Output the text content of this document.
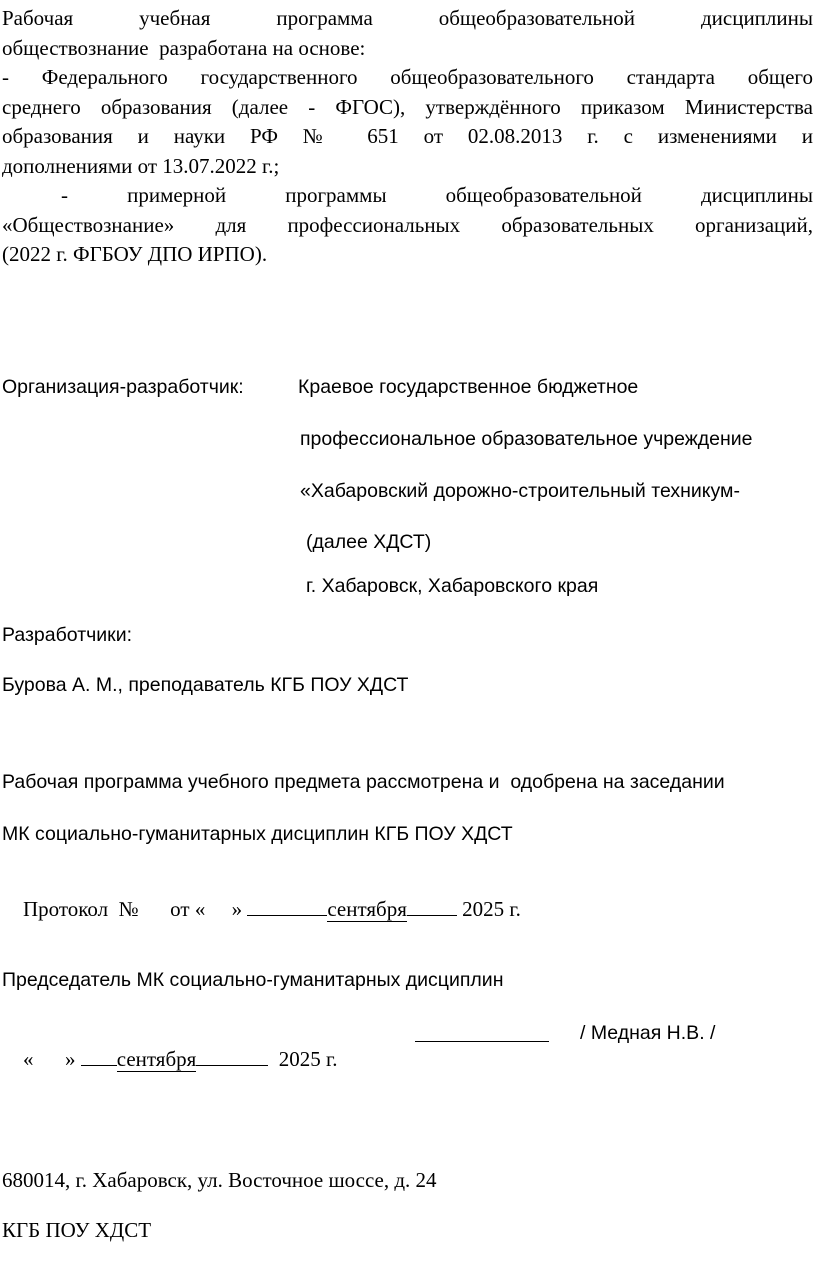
Рабочая учебная программа общеобразовательной дисциплины
обществознание  разработана на основе:
- Федерального государственного общеобразовательного стандарта общего
среднего образования (далее - ФГОС), утверждённого приказом Министерства
образования и науки РФ № 651 от 02.08.2013 г. с изменениями и
дополнениями от 13.07.2022 г.;
- примерной программы общеобразовательной дисциплины
«Обществознание» для профессиональных образовательных организаций,
(2022 г. ФГБОУ ДПО ИРПО).
Организация-разработчик:	Краевое государственное бюджетное
профессиональное образовательное учреждение
«Хабаровский дорожно-строительный техникум-
(далее ХДСТ)
г. Хабаровск, Хабаровского края
Разработчики:
Бурова А. М., преподаватель КГБ ПОУ ХДСТ
Рабочая программа учебного предмета рассмотрена и  одобрена на заседании
МК социально-гуманитарных дисциплин КГБ ПОУ ХДСТ

Протокол  №      от «     »	сентября 2025 г.

Председатель МК социально-гуманитарных дисциплин

«      » сентября	2025 г.

/ Медная Н.В. /
680014, г. Хабаровск, ул. Восточное шоссе, д. 24
КГБ ПОУ ХДСТ
